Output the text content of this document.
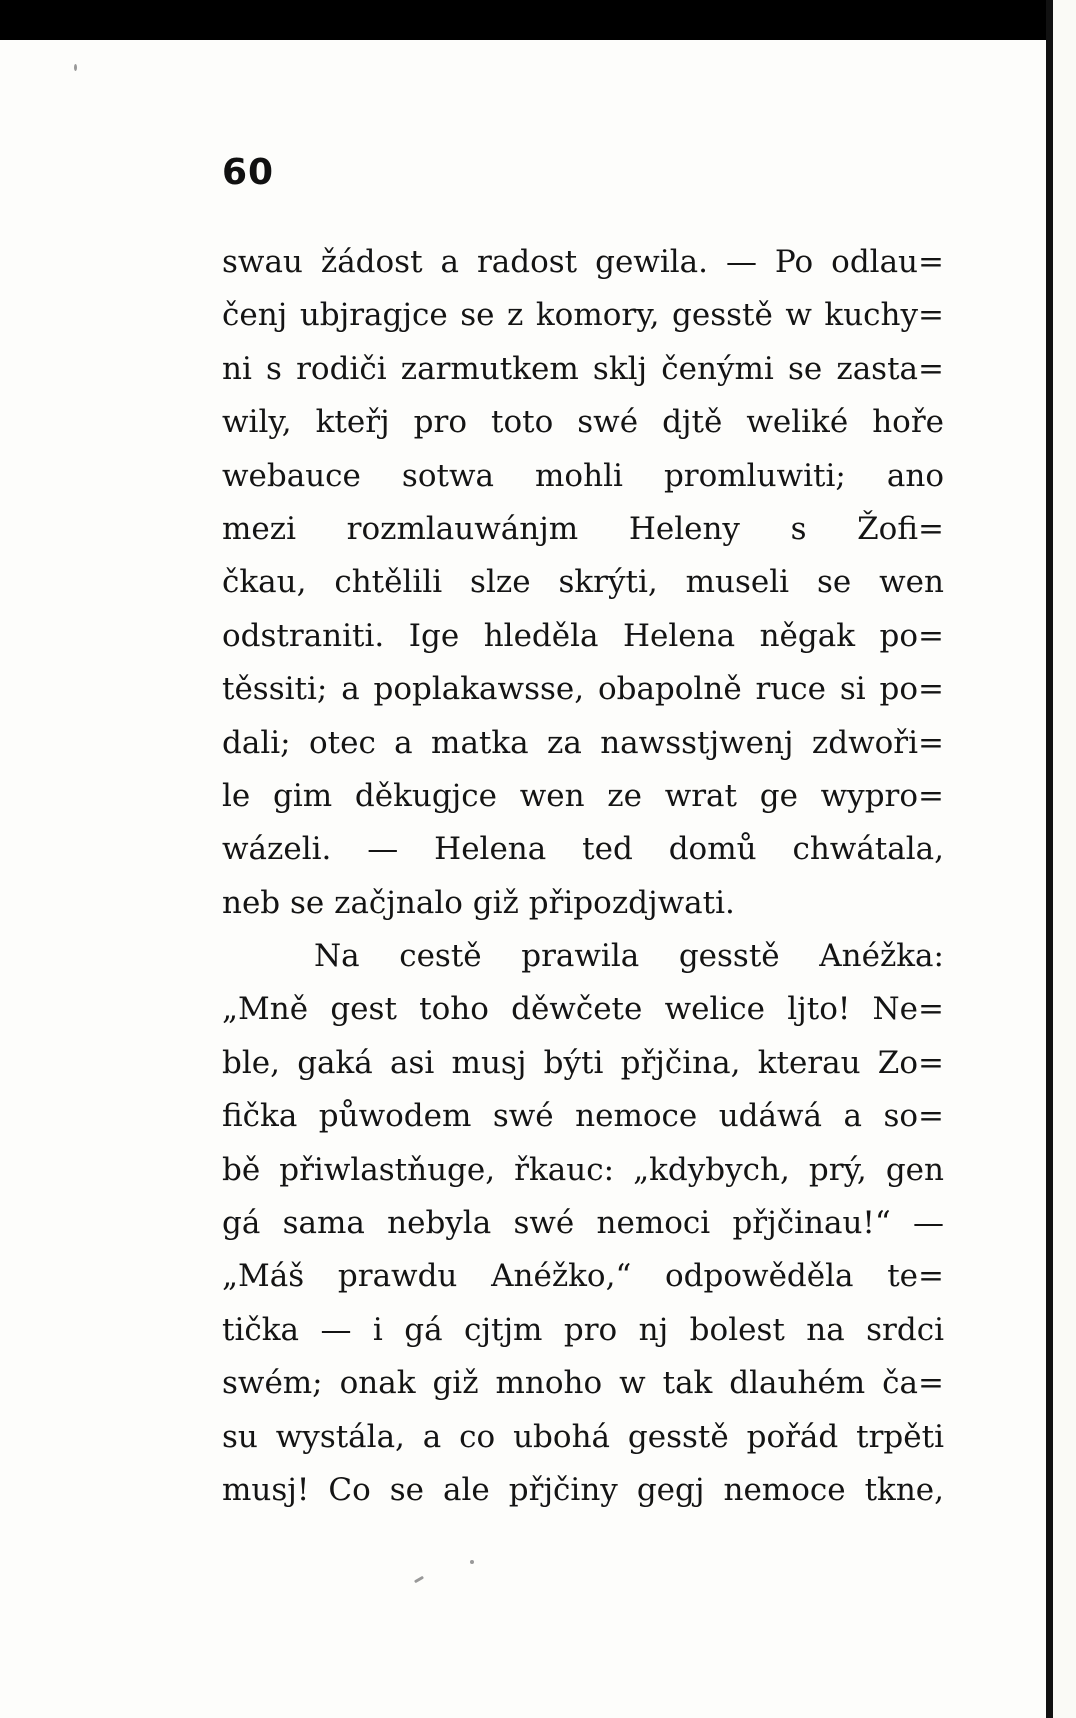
60
swau žádost a radost gewila. — Po odlau=
čenj ubjragjce se z komory, gesstě w kuchy=
ni s rodiči zarmutkem sklj čenými se zasta=
wily, kteřj pro toto swé djtě weliké hoře
webauce sotwa mohli promluwiti; ano
mezi rozmlauwánjm Heleny s Žofi=
čkau, chtělili slze skrýti, museli se wen
odstraniti. Ige hleděla Helena něgak po=
těssiti; a poplakawsse, obapolně ruce si po=
dali; otec a matka za nawsstjwenj zdwoři=
le gim děkugjce wen ze wrat ge wypro=
wázeli. — Helena ted domů chwátala,
neb se začjnalo giž připozdjwati.
Na cestě prawila gesstě Anéžka:
„Mně gest toho děwčete welice ljto! Ne=
ble, gaká asi musj býti přjčina, kterau Zo=
fička půwodem swé nemoce udáwá a so=
bě přiwlastňuge, řkauc: „kdybych, prý, gen
gá sama nebyla swé nemoci přjčinau!“ —
„Máš prawdu Anéžko,“ odpowěděla te=
tička — i gá cjtjm pro nj bolest na srdci
swém; onak giž mnoho w tak dlauhém ča=
su wystála, a co ubohá gesstě pořád trpěti
musj! Co se ale přjčiny gegj nemoce tkne,
